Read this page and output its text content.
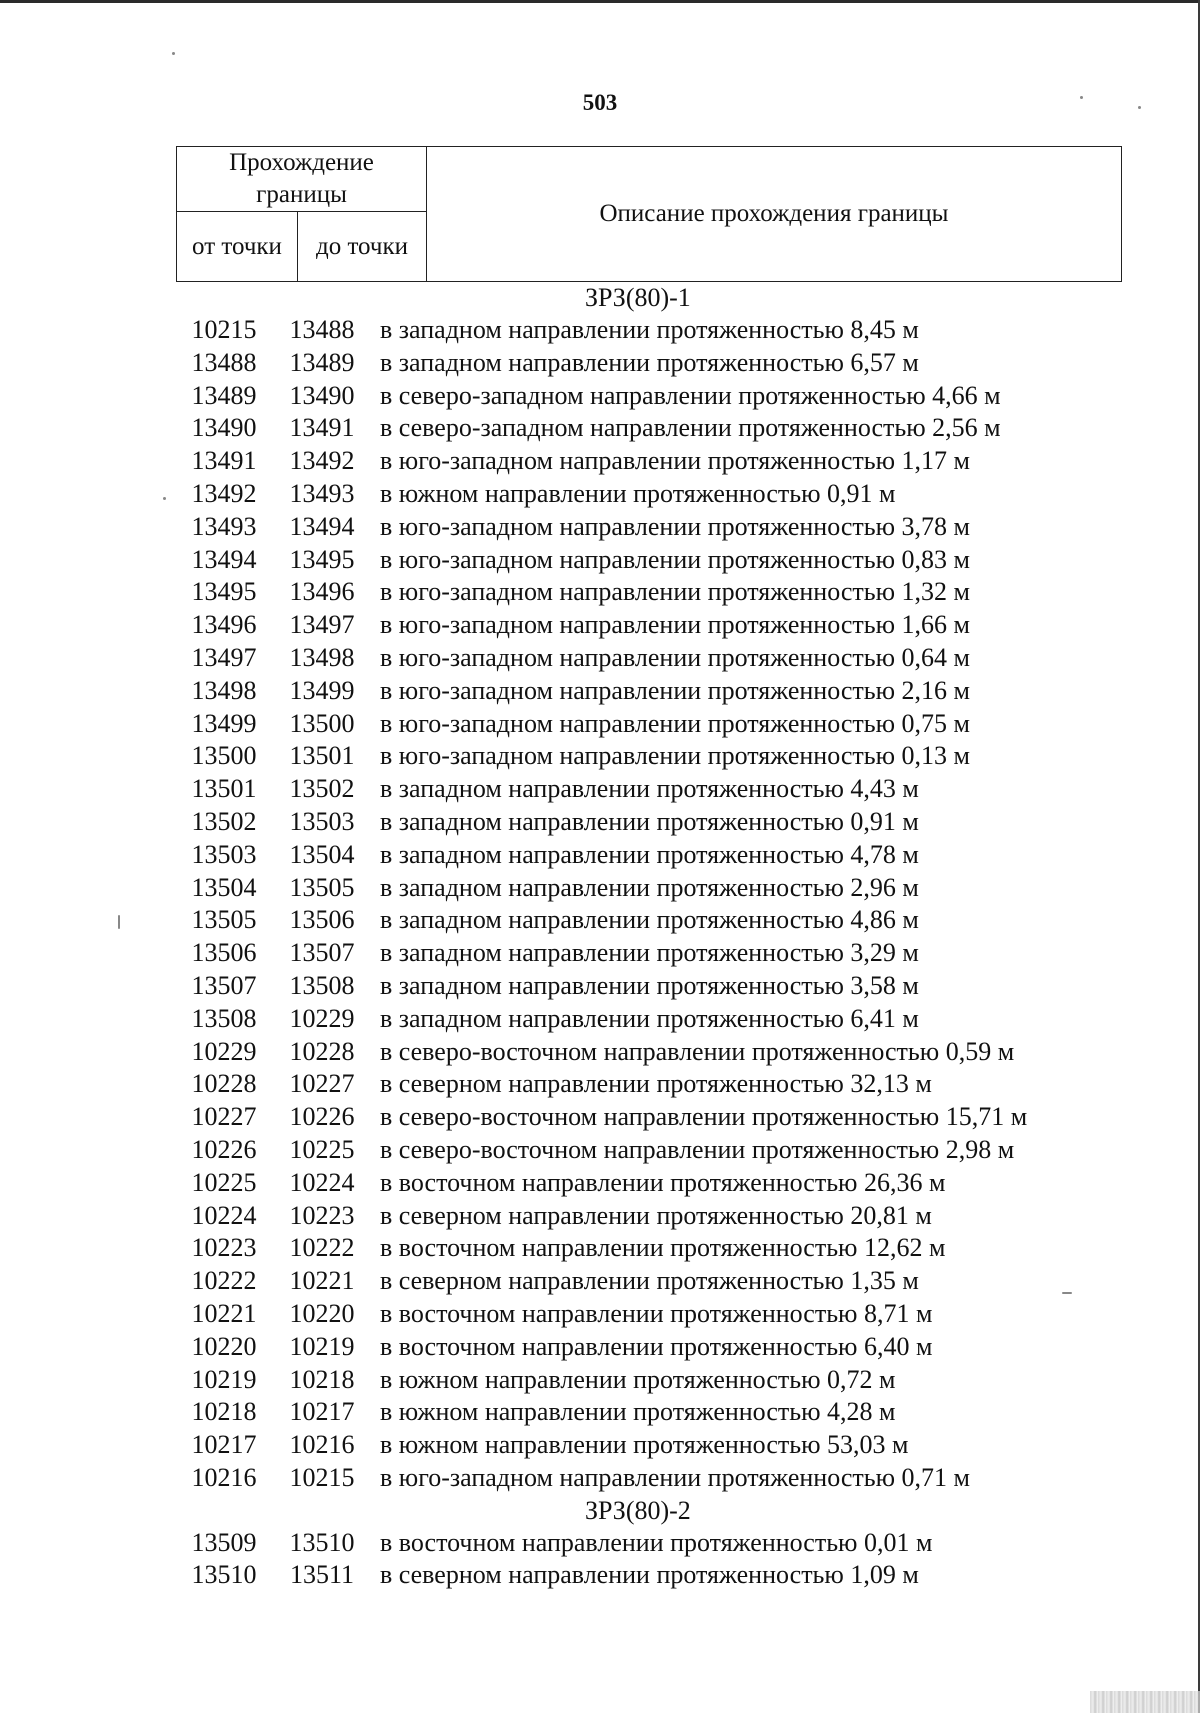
503
Прохождение границы		Описание прохождения границы
от точки	до точки	
ЗРЗ(80)-1
10215	13488 в западном направлении протяженностью 8,45 м
13488	13489 в западном направлении протяженностью 6,57 м
13489	13490 в северо-западном направлении протяженностью 4,66 м
13490	13491 в северо-западном направлении протяженностью 2,56 м
13491	13492 в юго-западном направлении протяженностью 1,17 м
13492	13493 в южном направлении протяженностью 0,91 м
13493	13494 в юго-западном направлении протяженностью 3,78 м
13494	13495 в юго-западном направлении протяженностью 0,83 м
13495	13496 в юго-западном направлении протяженностью 1,32 м
13496	13497 в юго-западном направлении протяженностью 1,66 м
13497	13498 в юго-западном направлении протяженностью 0,64 м
13498	13499 в юго-западном направлении протяженностью 2,16 м
13499	13500 в юго-западном направлении протяженностью 0,75 м
13500	13501 в юго-западном направлении протяженностью 0,13 м
13501	13502 в западном направлении протяженностью 4,43 м
13502	13503 в западном направлении протяженностью 0,91 м
13503	13504 в западном направлении протяженностью 4,78 м
13504	13505 в западном направлении протяженностью 2,96 м
13505	13506 в западном направлении протяженностью 4,86 м
13506	13507 в западном направлении протяженностью 3,29 м
13507	13508 в западном направлении протяженностью 3,58 м
13508	10229 в западном направлении протяженностью 6,41 м
10229	10228 в северо-восточном направлении протяженностью 0,59 м
10228	10227 в северном направлении протяженностью 32,13 м
10227	10226 в северо-восточном направлении протяженностью 15,71 м
10226	10225 в северо-восточном направлении протяженностью 2,98 м
10225	10224 в восточном направлении протяженностью 26,36 м
10224	10223 в северном направлении протяженностью 20,81 м
10223	10222 в восточном направлении протяженностью 12,62 м
10222	10221 в северном направлении протяженностью 1,35 м
10221	10220 в восточном направлении протяженностью 8,71 м
10220	10219 в восточном направлении протяженностью 6,40 м
10219	10218 в южном направлении протяженностью 0,72 м
10218	10217 в южном направлении протяженностью 4,28 м
10217	10216 в южном направлении протяженностью 53,03 м
10216	10215 в юго-западном направлении протяженностью 0,71 м
ЗРЗ(80)-2
13509	13510 в восточном направлении протяженностью 0,01 м
13510	13511 в северном направлении протяженностью 1,09 м
